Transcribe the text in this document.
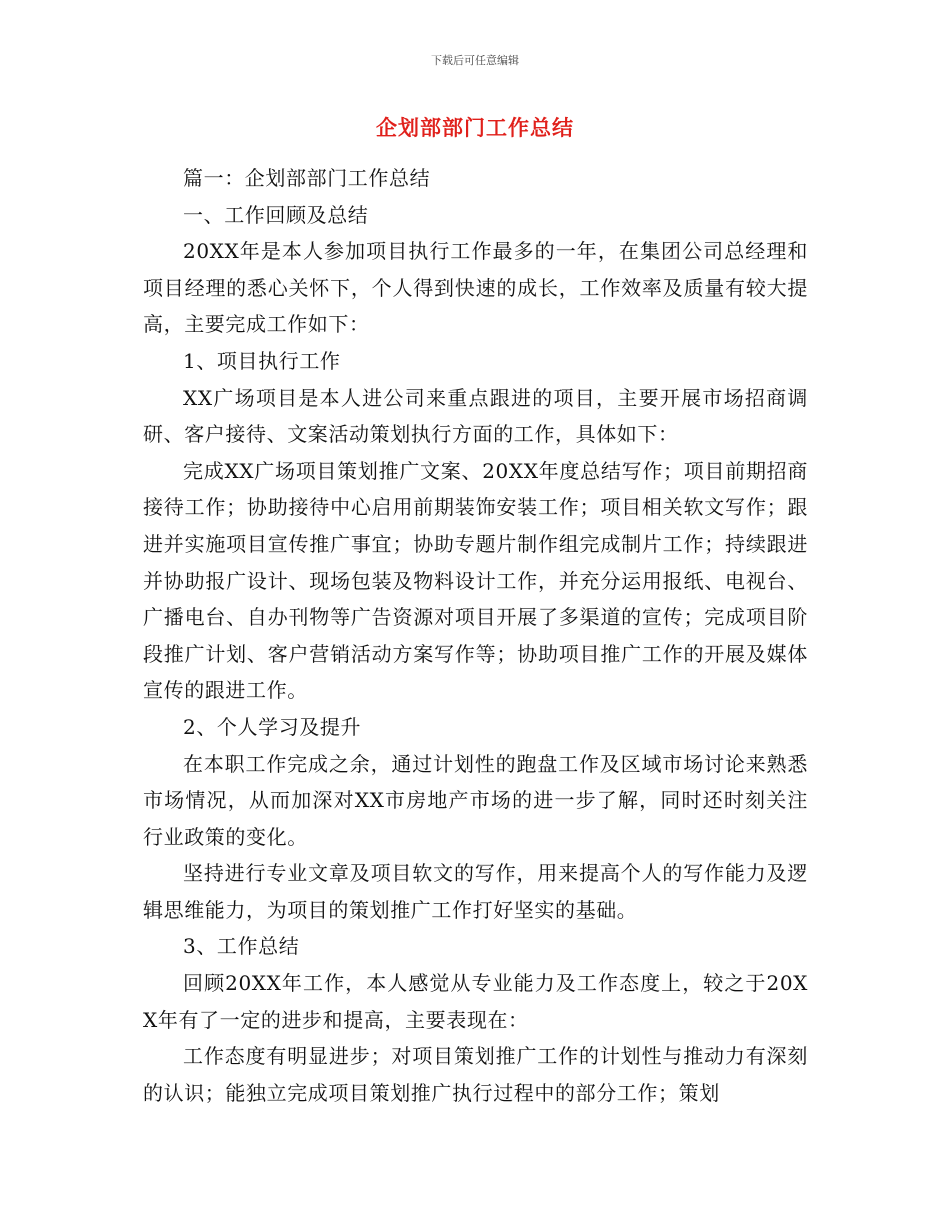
下载后可任意编辑
企划部部门工作总结

篇一：企划部部门工作总结

一、工作回顾及总结

20XX年是本人参加项目执行工作最多的一年，在集团公司总经理和项目经理的悉心关怀下，个人得到快速的成长，工作效率及质量有较大提高，主要完成工作如下：

1、项目执行工作

XX广场项目是本人进公司来重点跟进的项目，主要开展市场招商调研、客户接待、文案活动策划执行方面的工作，具体如下：

完成XX广场项目策划推广文案、20XX年度总结写作；项目前期招商接待工作；协助接待中心启用前期装饰安装工作；项目相关软文写作；跟进并实施项目宣传推广事宜；协助专题片制作组完成制片工作；持续跟进并协助报广设计、现场包装及物料设计工作，并充分运用报纸、电视台、广播电台、自办刊物等广告资源对项目开展了多渠道的宣传；完成项目阶段推广计划、客户营销活动方案写作等；协助项目推广工作的开展及媒体宣传的跟进工作。

2、个人学习及提升

在本职工作完成之余，通过计划性的跑盘工作及区域市场讨论来熟悉市场情况，从而加深对XX市房地产市场的进一步了解，同时还时刻关注行业政策的变化。

坚持进行专业文章及项目软文的写作，用来提高个人的写作能力及逻辑思维能力，为项目的策划推广工作打好坚实的基础。

3、工作总结

回顾20XX年工作，本人感觉从专业能力及工作态度上，较之于20XX年有了一定的进步和提高，主要表现在：

工作态度有明显进步；对项目策划推广工作的计划性与推动力有深刻的认识；能独立完成项目策划推广执行过程中的部分工作；策划
